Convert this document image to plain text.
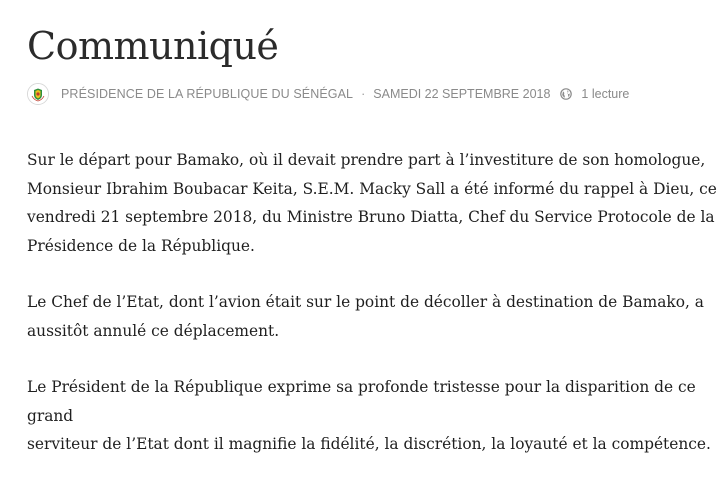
Communiqué
PRÉSIDENCE DE LA RÉPUBLIQUE DU SÉNÉGAL · SAMEDI 22 SEPTEMBRE 2018 1 lecture

Sur le départ pour Bamako, où il devait prendre part à l’investiture de son homologue,
Monsieur Ibrahim Boubacar Keita, S.E.M. Macky Sall a été informé du rappel à Dieu, ce
vendredi 21 septembre 2018, du Ministre Bruno Diatta, Chef du Service Protocole de la
Présidence de la République.

Le Chef de l’Etat, dont l’avion était sur le point de décoller à destination de Bamako, a
aussitôt annulé ce déplacement.

Le Président de la République exprime sa profonde tristesse pour la disparition de ce grand
serviteur de l’Etat dont il magnifie la fidélité, la discrétion, la loyauté et la compétence.
